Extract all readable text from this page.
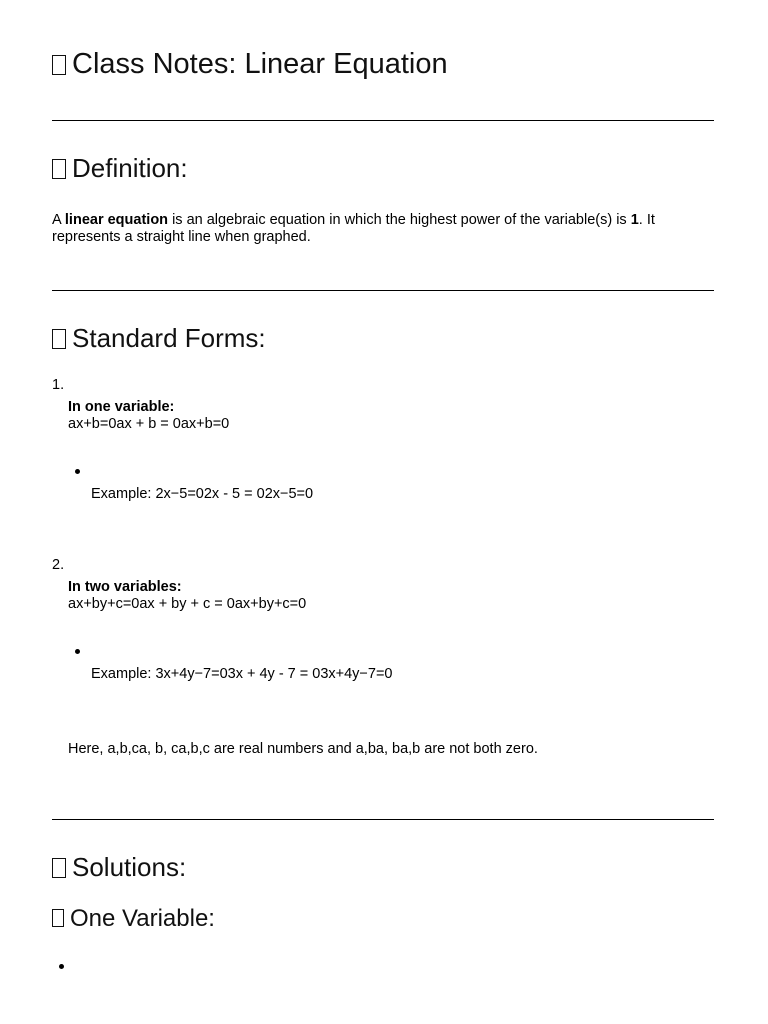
Class Notes: Linear Equation
Definition:
A linear equation is an algebraic equation in which the highest power of the variable(s) is 1. It
represents a straight line when graphed.
Standard Forms:
1.
In one variable:
ax+b=0ax + b = 0ax+b=0
Example: 2x−5=02x - 5 = 02x−5=0
2.
In two variables:
ax+by+c=0ax + by + c = 0ax+by+c=0
Example: 3x+4y−7=03x + 4y - 7 = 03x+4y−7=0
Here, a,b,ca, b, ca,b,c are real numbers and a,ba, ba,b are not both zero.
Solutions:
One Variable:
